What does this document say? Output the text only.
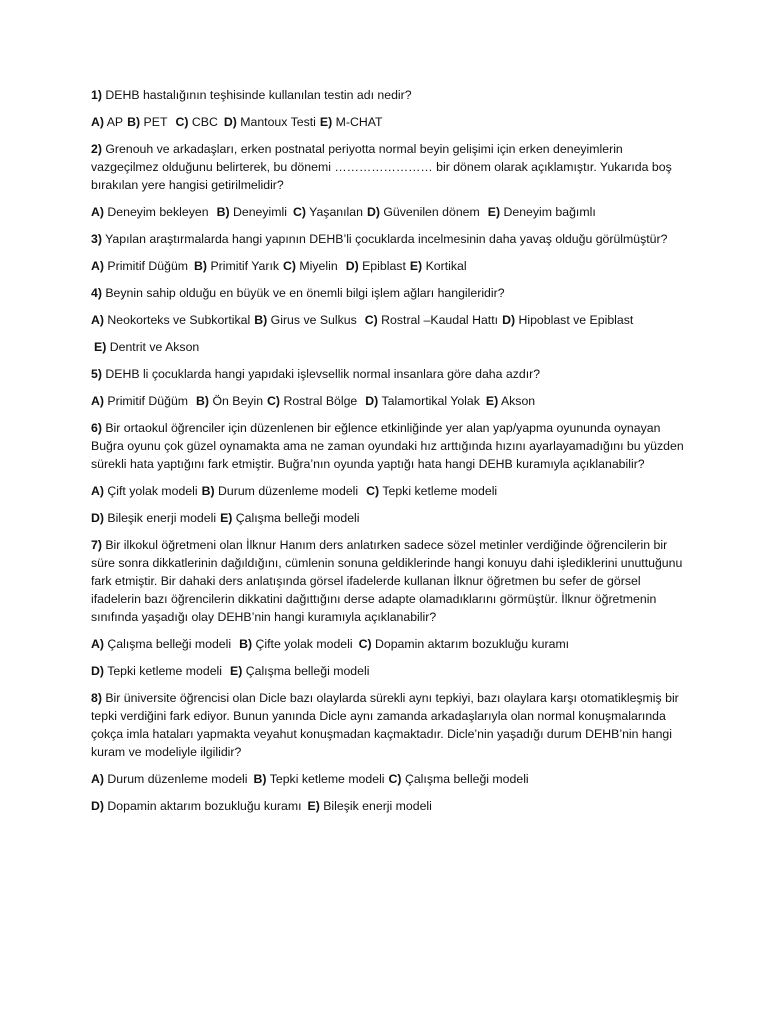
1) DEHB hastalığının teşhisinde kullanılan testin adı nedir?

A) AP B) PET C) CBC D) Mantoux Testi E) M-CHAT

2) Grenouh ve arkadaşları, erken postnatal periyotta normal beyin gelişimi için erken deneyimlerin vazgeçilmez olduğunu belirterek, bu dönemi …………………… bir dönem olarak açıklamıştır. Yukarıda boş bırakılan yere hangisi getirilmelidir?

A) Deneyim bekleyen B) Deneyimli C) Yaşanılan D) Güvenilen dönem E) Deneyim bağımlı

3) Yapılan araştırmalarda hangi yapının DEHB’li çocuklarda incelmesinin daha yavaş olduğu görülmüştür?

A) Primitif Düğüm B) Primitif Yarık C) Miyelin D) Epiblast E) Kortikal

4) Beynin sahip olduğu en büyük ve en önemli bilgi işlem ağları hangileridir?

A) Neokorteks ve Subkortikal B) Girus ve Sulkus C) Rostral –Kaudal Hattı D) Hipoblast ve Epiblast

E) Dentrit ve Akson

5) DEHB li çocuklarda hangi yapıdaki işlevsellik normal insanlara göre daha azdır?

A) Primitif Düğüm B) Ön Beyin C) Rostral Bölge D) Talamortikal Yolak E) Akson

6) Bir ortaokul öğrenciler için düzenlenen bir eğlence etkinliğinde yer alan yap/yapma oyununda oynayan Buğra oyunu çok güzel oynamakta ama ne zaman oyundaki hız arttığında hızını ayarlayamadığını bu yüzden sürekli hata yaptığını fark etmiştir. Buğra’nın oyunda yaptığı hata hangi DEHB kuramıyla açıklanabilir?

A) Çift yolak modeli B) Durum düzenleme modeli C) Tepki ketleme modeli

D) Bileşik enerji modeli E) Çalışma belleği modeli

7) Bir ilkokul öğretmeni olan İlknur Hanım ders anlatırken sadece sözel metinler verdiğinde öğrencilerin bir süre sonra dikkatlerinin dağıldığını, cümlenin sonuna geldiklerinde hangi konuyu dahi işlediklerini unuttuğunu fark etmiştir. Bir dahaki ders anlatışında görsel ifadelerde kullanan İlknur öğretmen bu sefer de görsel ifadelerin bazı öğrencilerin dikkatini dağıttığını derse adapte olamadıklarını görmüştür. İlknur öğretmenin sınıfında yaşadığı olay DEHB’nin hangi kuramıyla açıklanabilir?

A) Çalışma belleği modeli B) Çifte yolak modeli C) Dopamin aktarım bozukluğu kuramı

D) Tepki ketleme modeli E) Çalışma belleği modeli

8) Bir üniversite öğrencisi olan Dicle bazı olaylarda sürekli aynı tepkiyi, bazı olaylara karşı otomatikleşmiş bir tepki verdiğini fark ediyor. Bunun yanında Dicle aynı zamanda arkadaşlarıyla olan normal konuşmalarında çokça imla hataları yapmakta veyahut konuşmadan kaçmaktadır. Dicle’nin yaşadığı durum DEHB’nin hangi kuram ve modeliyle ilgilidir?

A) Durum düzenleme modeli B) Tepki ketleme modeli C) Çalışma belleği modeli

D) Dopamin aktarım bozukluğu kuramı E) Bileşik enerji modeli
